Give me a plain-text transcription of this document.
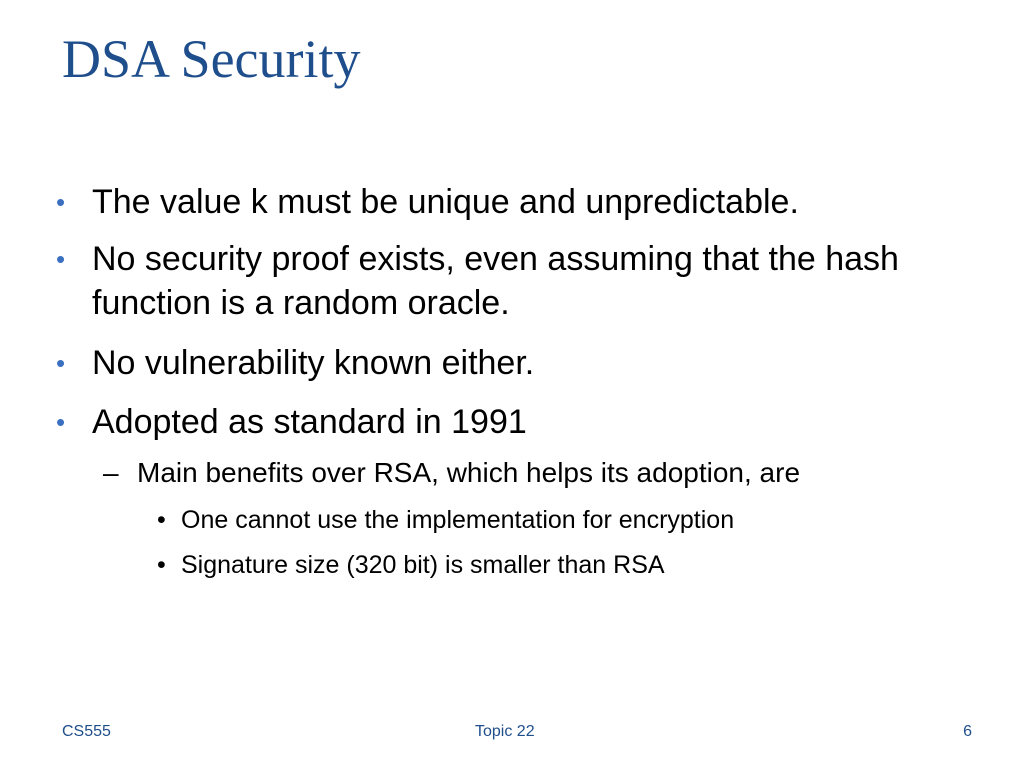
DSA Security
• The value k must be unique and unpredictable.
• No security proof exists, even assuming that the hash function is a random oracle.
• No vulnerability known either.
• Adopted as standard in 1991
– Main benefits over RSA, which helps its adoption, are
• One cannot use the implementation for encryption
• Signature size (320 bit) is smaller than RSA
CS555	Topic 22	6
